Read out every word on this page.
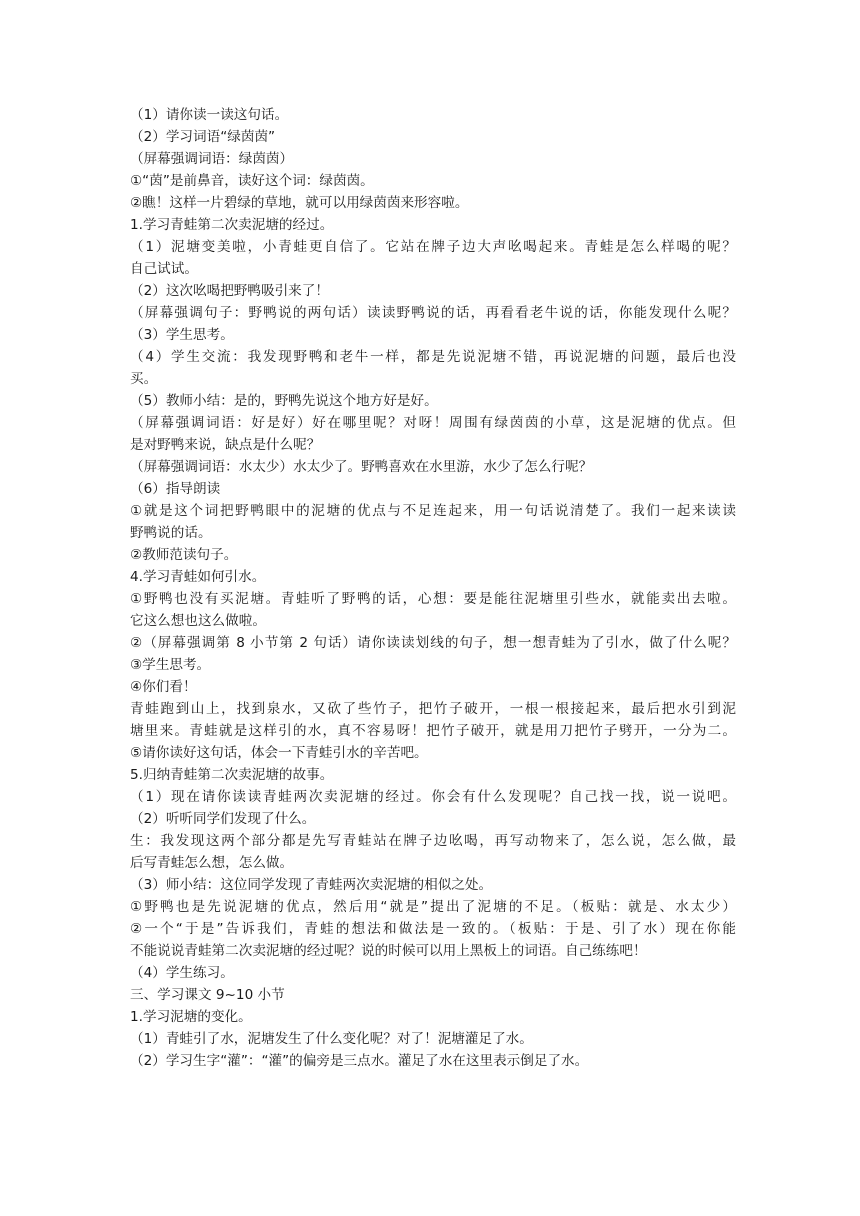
（1）请你读一读这句话。
（2）学习词语“绿茵茵”
（屏幕强调词语：绿茵茵）
①“茵”是前鼻音，读好这个词：绿茵茵。
②瞧！这样一片碧绿的草地，就可以用绿茵茵来形容啦。
1.学习青蛙第二次卖泥塘的经过。
（1）泥塘变美啦，小青蛙更自信了。它站在牌子边大声吆喝起来。青蛙是怎么样喝的呢？
自己试试。
（2）这次吆喝把野鸭吸引来了！
（屏幕强调句子：野鸭说的两句话）读读野鸭说的话，再看看老牛说的话，你能发现什么呢？
（3）学生思考。
（4）学生交流：我发现野鸭和老牛一样，都是先说泥塘不错，再说泥塘的问题，最后也没
买。
（5）教师小结：是的，野鸭先说这个地方好是好。
（屏幕强调词语：好是好）好在哪里呢？对呀！周围有绿茵茵的小草，这是泥塘的优点。但
是对野鸭来说，缺点是什么呢？
（屏幕强调词语：水太少）水太少了。野鸭喜欢在水里游，水少了怎么行呢？
（6）指导朗读
①就是这个词把野鸭眼中的泥塘的优点与不足连起来，用一句话说清楚了。我们一起来读读
野鸭说的话。
②教师范读句子。
4.学习青蛙如何引水。
①野鸭也没有买泥塘。青蛙听了野鸭的话，心想：要是能往泥塘里引些水，就能卖出去啦。
它这么想也这么做啦。
②（屏幕强调第 8 小节第 2 句话）请你读读划线的句子，想一想青蛙为了引水，做了什么呢？
③学生思考。
④你们看！
青蛙跑到山上，找到泉水，又砍了些竹子，把竹子破开，一根一根接起来，最后把水引到泥
塘里来。青蛙就是这样引的水，真不容易呀！把竹子破开，就是用刀把竹子劈开，一分为二。
⑤请你读好这句话，体会一下青蛙引水的辛苦吧。
5.归纳青蛙第二次卖泥塘的故事。
（1）现在请你读读青蛙两次卖泥塘的经过。你会有什么发现呢？自己找一找，说一说吧。
（2）听听同学们发现了什么。
生：我发现这两个部分都是先写青蛙站在牌子边吆喝，再写动物来了，怎么说，怎么做，最
后写青蛙怎么想，怎么做。
（3）师小结：这位同学发现了青蛙两次卖泥塘的相似之处。
①野鸭也是先说泥塘的优点，然后用“就是”提出了泥塘的不足。（板贴：就是、水太少）
②一个“于是”告诉我们，青蛙的想法和做法是一致的。（板贴：于是、引了水）现在你能
不能说说青蛙第二次卖泥塘的经过呢？说的时候可以用上黑板上的词语。自己练练吧！
（4）学生练习。
三、学习课文 9~10 小节
1.学习泥塘的变化。
（1）青蛙引了水，泥塘发生了什么变化呢？对了！泥塘灌足了水。
（2）学习生字“灌”：“灌”的偏旁是三点水。灌足了水在这里表示倒足了水。
